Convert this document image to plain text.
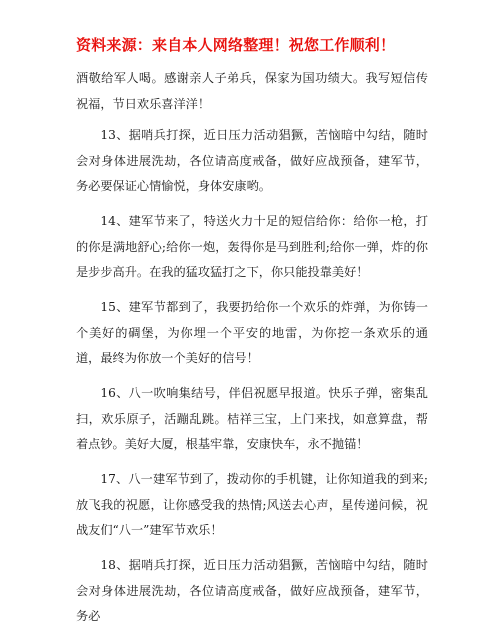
资料来源：来自本人网络整理！祝您工作顺利！

酒敬给军人喝。感谢亲人子弟兵，保家为国功绩大。我写短信传祝福，节日欢乐喜洋洋！

13、据哨兵打探，近日压力活动猖獗，苦恼暗中勾结，随时会对身体进展洗劫，各位请高度戒备，做好应战预备，建军节，务必要保证心情愉悦，身体安康哟。

14、建军节来了，特送火力十足的短信给你：给你一枪，打的你是满地舒心;给你一炮，轰得你是马到胜利;给你一弹，炸的你是步步高升。在我的猛攻猛打之下，你只能投靠美好！

15、建军节都到了，我要扔给你一个欢乐的炸弹，为你铸一个美好的碉堡，为你埋一个平安的地雷，为你挖一条欢乐的通道，最终为你放一个美好的信号！

16、八一吹响集结号，伴侣祝愿早报道。快乐子弹，密集乱扫，欢乐原子，活蹦乱跳。桔祥三宝，上门来找，如意算盘，帮着点钞。美好大厦，根基牢靠，安康快车，永不抛锚！

17、八一建军节到了，拨动你的手机键，让你知道我的到来;放飞我的祝愿，让你感受我的热情;风送去心声，星传递问候，祝战友们“八一”建军节欢乐！

18、据哨兵打探，近日压力活动猖獗，苦恼暗中勾结，随时会对身体进展洗劫，各位请高度戒备，做好应战预备，建军节，务必
